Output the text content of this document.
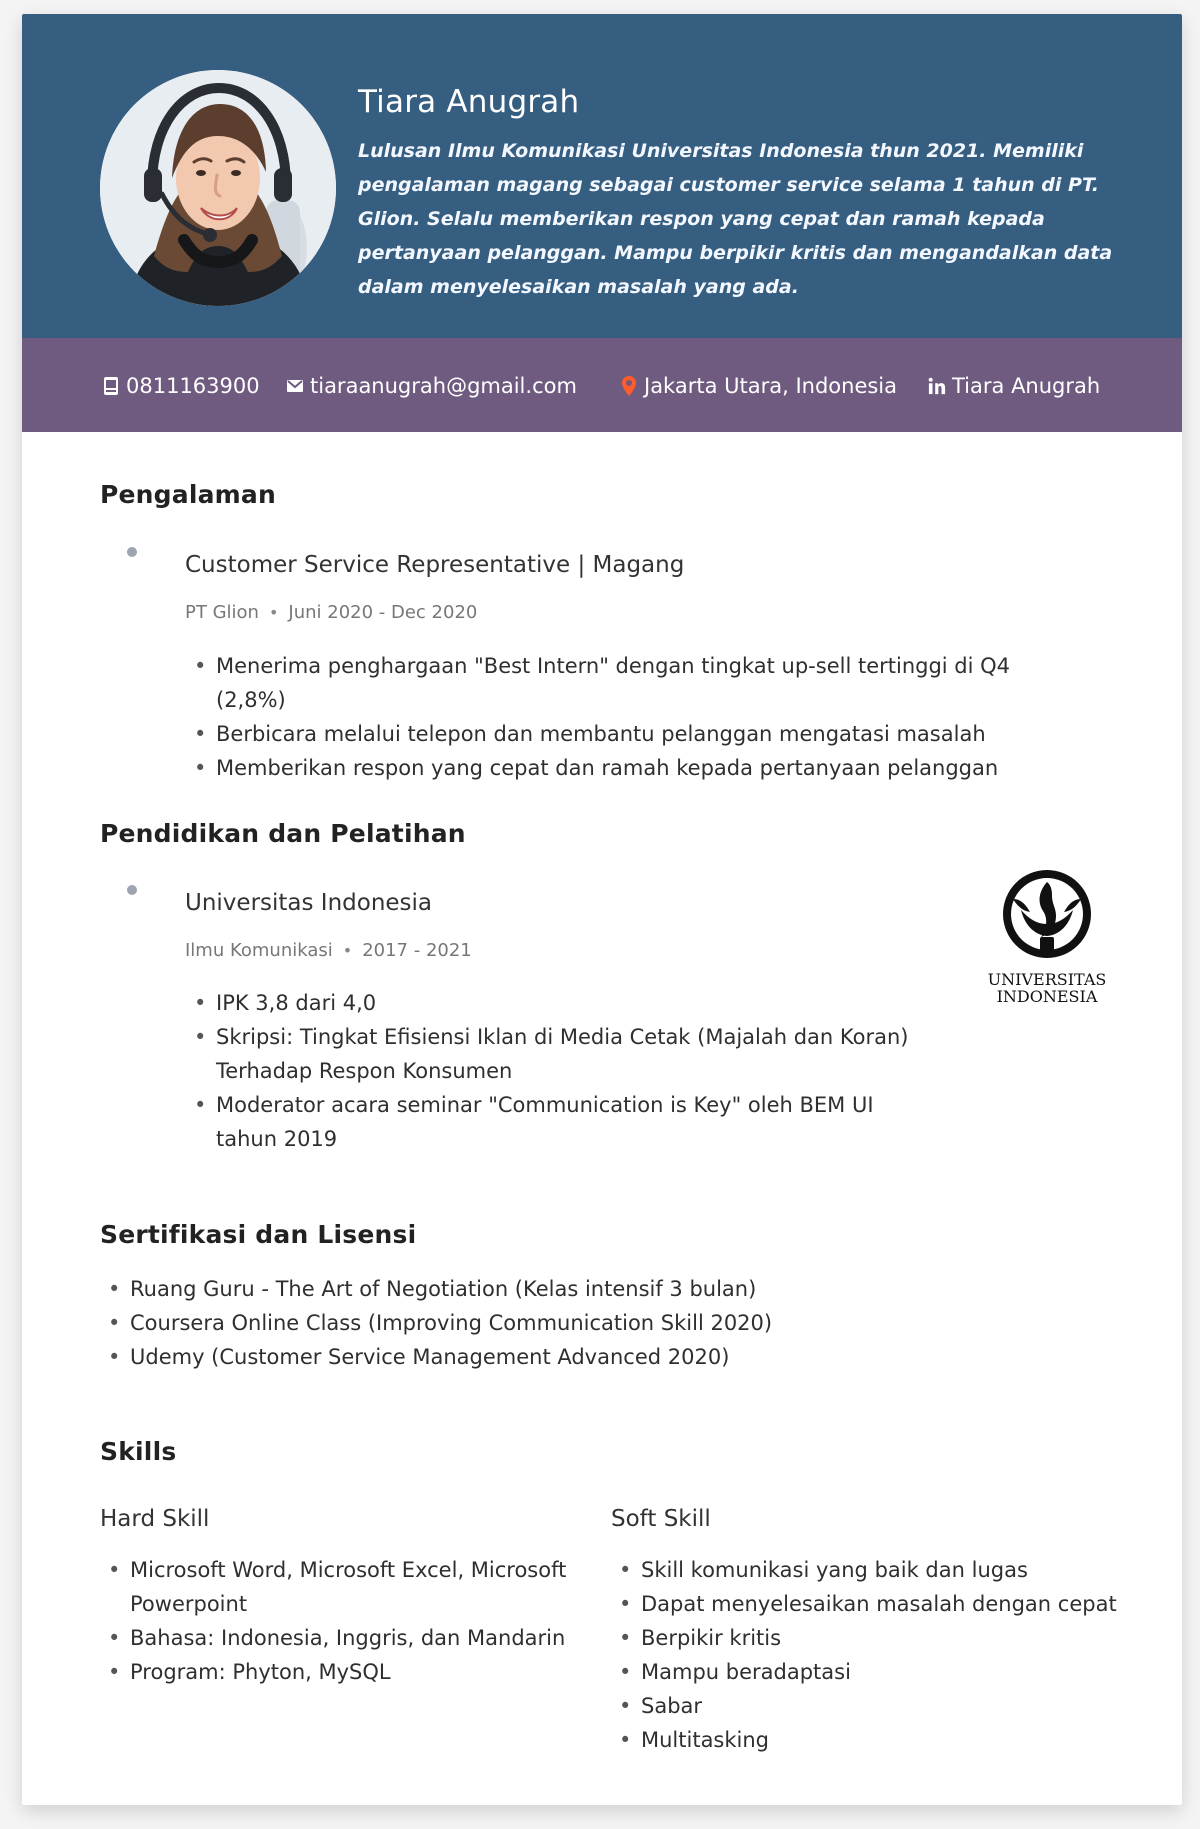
Tiara Anugrah
Lulusan Ilmu Komunikasi Universitas Indonesia thun 2021. Memiliki pengalaman magang sebagai customer service selama 1 tahun di PT. Glion. Selalu memberikan respon yang cepat dan ramah kepada pertanyaan pelanggan. Mampu berpikir kritis dan mengandalkan data dalam menyelesaikan masalah yang ada.
0811163900 tiaraanugrah@gmail.com	Jakarta Utara, Indonesia	Tiara Anugrah
Pengalaman
Customer Service Representative | Magang
PT Glion • Juni 2020 - Dec 2020
• Menerima penghargaan "Best Intern" dengan tingkat up-sell tertinggi di Q4 (2,8%)
• Berbicara melalui telepon dan membantu pelanggan mengatasi masalah
• Memberikan respon yang cepat dan ramah kepada pertanyaan pelanggan
Pendidikan dan Pelatihan
Universitas Indonesia
Ilmu Komunikasi • 2017 - 2021
• IPK 3,8 dari 4,0
• Skripsi: Tingkat Efisiensi Iklan di Media Cetak (Majalah dan Koran) Terhadap Respon Konsumen
• Moderator acara seminar "Communication is Key" oleh BEM UI tahun 2019
UNIVERSITAS
INDONESIA
Sertifikasi dan Lisensi
• Ruang Guru - The Art of Negotiation (Kelas intensif 3 bulan)
• Coursera Online Class (Improving Communication Skill 2020)
• Udemy (Customer Service Management Advanced 2020)
Skills
Hard Skill
• Microsoft Word, Microsoft Excel, Microsoft Powerpoint
• Bahasa: Indonesia, Inggris, dan Mandarin
• Program: Phyton, MySQL
Soft Skill
• Skill komunikasi yang baik dan lugas
• Dapat menyelesaikan masalah dengan cepat
• Berpikir kritis
• Mampu beradaptasi
• Sabar
• Multitasking
